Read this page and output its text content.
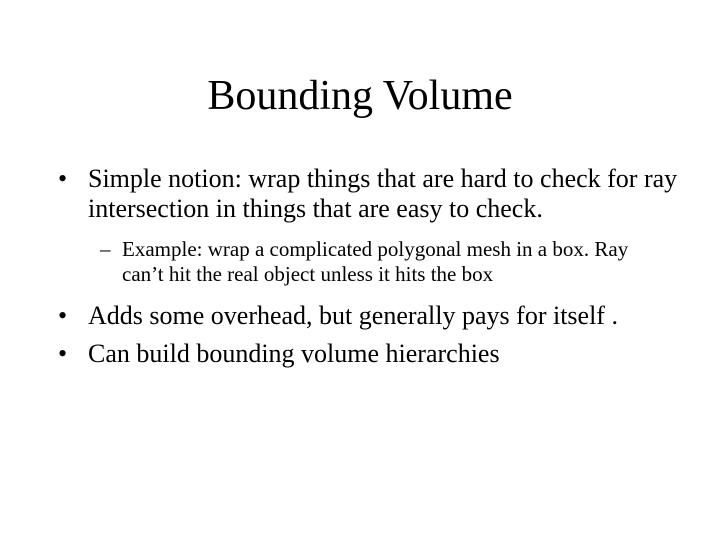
Bounding Volume
• Simple notion: wrap things that are hard to check for ray intersection in things that are easy to check.
– Example: wrap a complicated polygonal mesh in a box. Ray can’t hit the real object unless it hits the box
• Adds some overhead, but generally pays for itself .
• Can build bounding volume hierarchies
